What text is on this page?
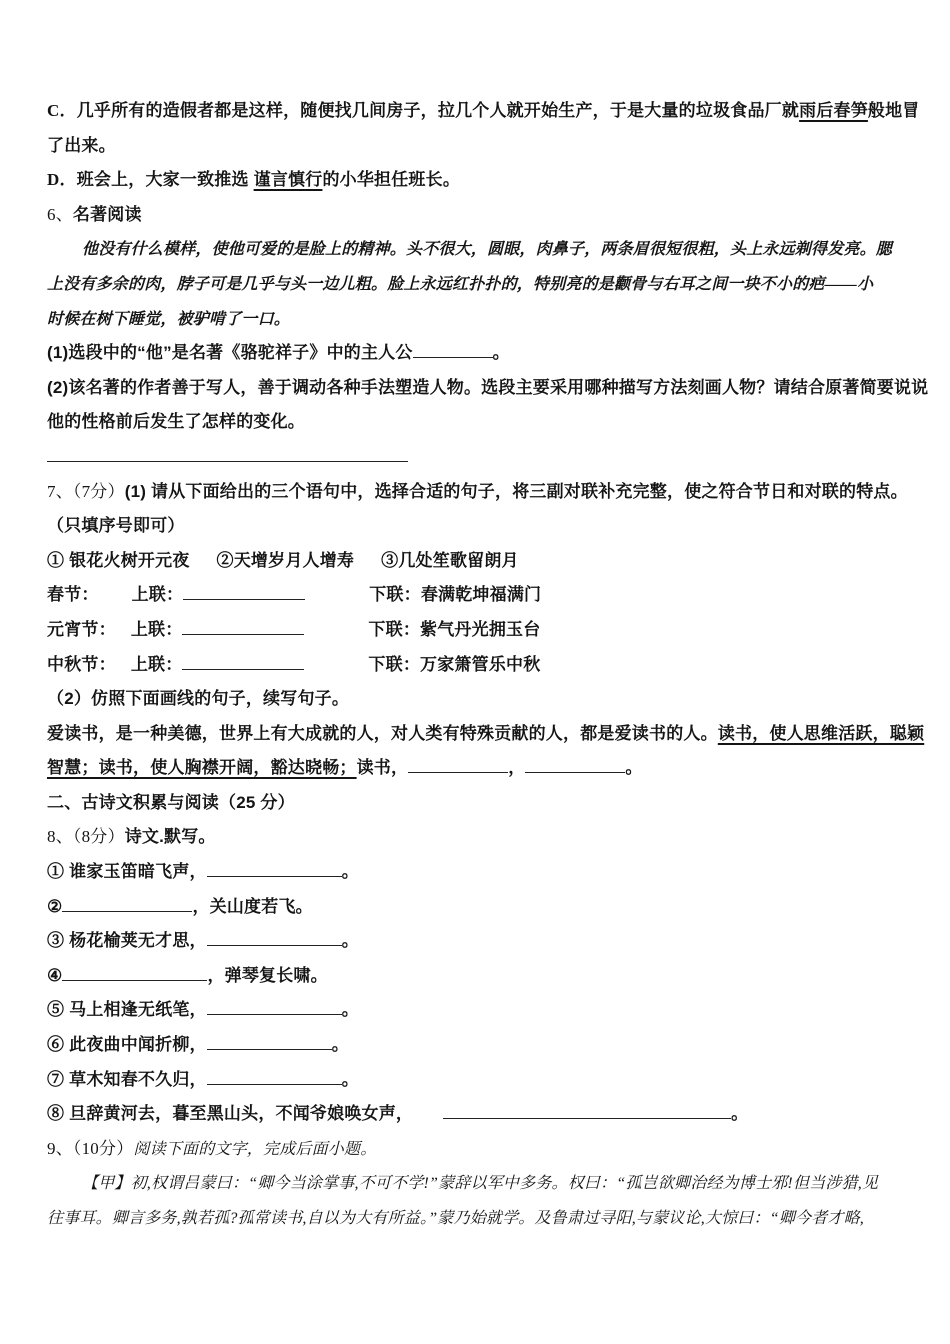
C．几乎所有的造假者都是这样，随便找几间房子，拉几个人就开始生产，于是大量的垃圾食品厂就雨后春笋般地冒
了出来。
D．班会上，大家一致推选 谨言慎行的小华担任班长。
6、名著阅读
他没有什么模样，使他可爱的是脸上的精神。头不很大，圆眼，肉鼻子，两条眉很短很粗，头上永远剃得发亮。腮
上没有多余的肉，脖子可是几乎与头一边儿粗。脸上永远红扑扑的，特别亮的是颧骨与右耳之间一块不小的疤——小
时候在树下睡觉，被驴啃了一口。
(1)选段中的“他”是名著《骆驼祥子》中的主人公	。
(2)该名著的作者善于写人，善于调动各种手法塑造人物。选段主要采用哪种描写方法刻画人物？请结合原著简要说说
他的性格前后发生了怎样的变化。
7、（7分）(1) 请从下面给出的三个语句中，选择合适的句子，将三副对联补充完整，使之符合节日和对联的特点。
（只填序号即可）
① 银花火树开元夜 ②天增岁月人增寿 ③几处笙歌留朗月
春节： 上联：	下联：春满乾坤福满门
元宵节： 上联：	下联：紫气丹光拥玉台
中秋节： 上联：	下联：万家箫管乐中秋
（2）仿照下面画线的句子，续写句子。
爱读书，是一种美德，世界上有大成就的人，对人类有特殊贡献的人，都是爱读书的人。读书，使人思维活跃，聪颖
智慧；读书，使人胸襟开阔，豁达晓畅；读书，	，	。
二、古诗文积累与阅读（25 分）
8、（8分）诗文.默写。
① 谁家玉笛暗飞声，	。
②	，关山度若飞。
③ 杨花榆荚无才思，	。
④	，弹琴复长啸。
⑤ 马上相逢无纸笔，	。
⑥ 此夜曲中闻折柳，	。
⑦ 草木知春不久归，	。
⑧ 旦辞黄河去，暮至黑山头，不闻爷娘唤女声，	。
9、（10分）阅读下面的文字，完成后面小题。
【甲】初,权谓吕蒙曰：“卿今当涂掌事,不可不学!”蒙辞以军中多务。权曰：“孤岂欲卿治经为博士邪!但当涉猎,见
往事耳。卿言多务,孰若孤?孤常读书,自以为大有所益。”蒙乃始就学。及鲁肃过寻阳,与蒙议论,大惊曰：“卿今者才略,
